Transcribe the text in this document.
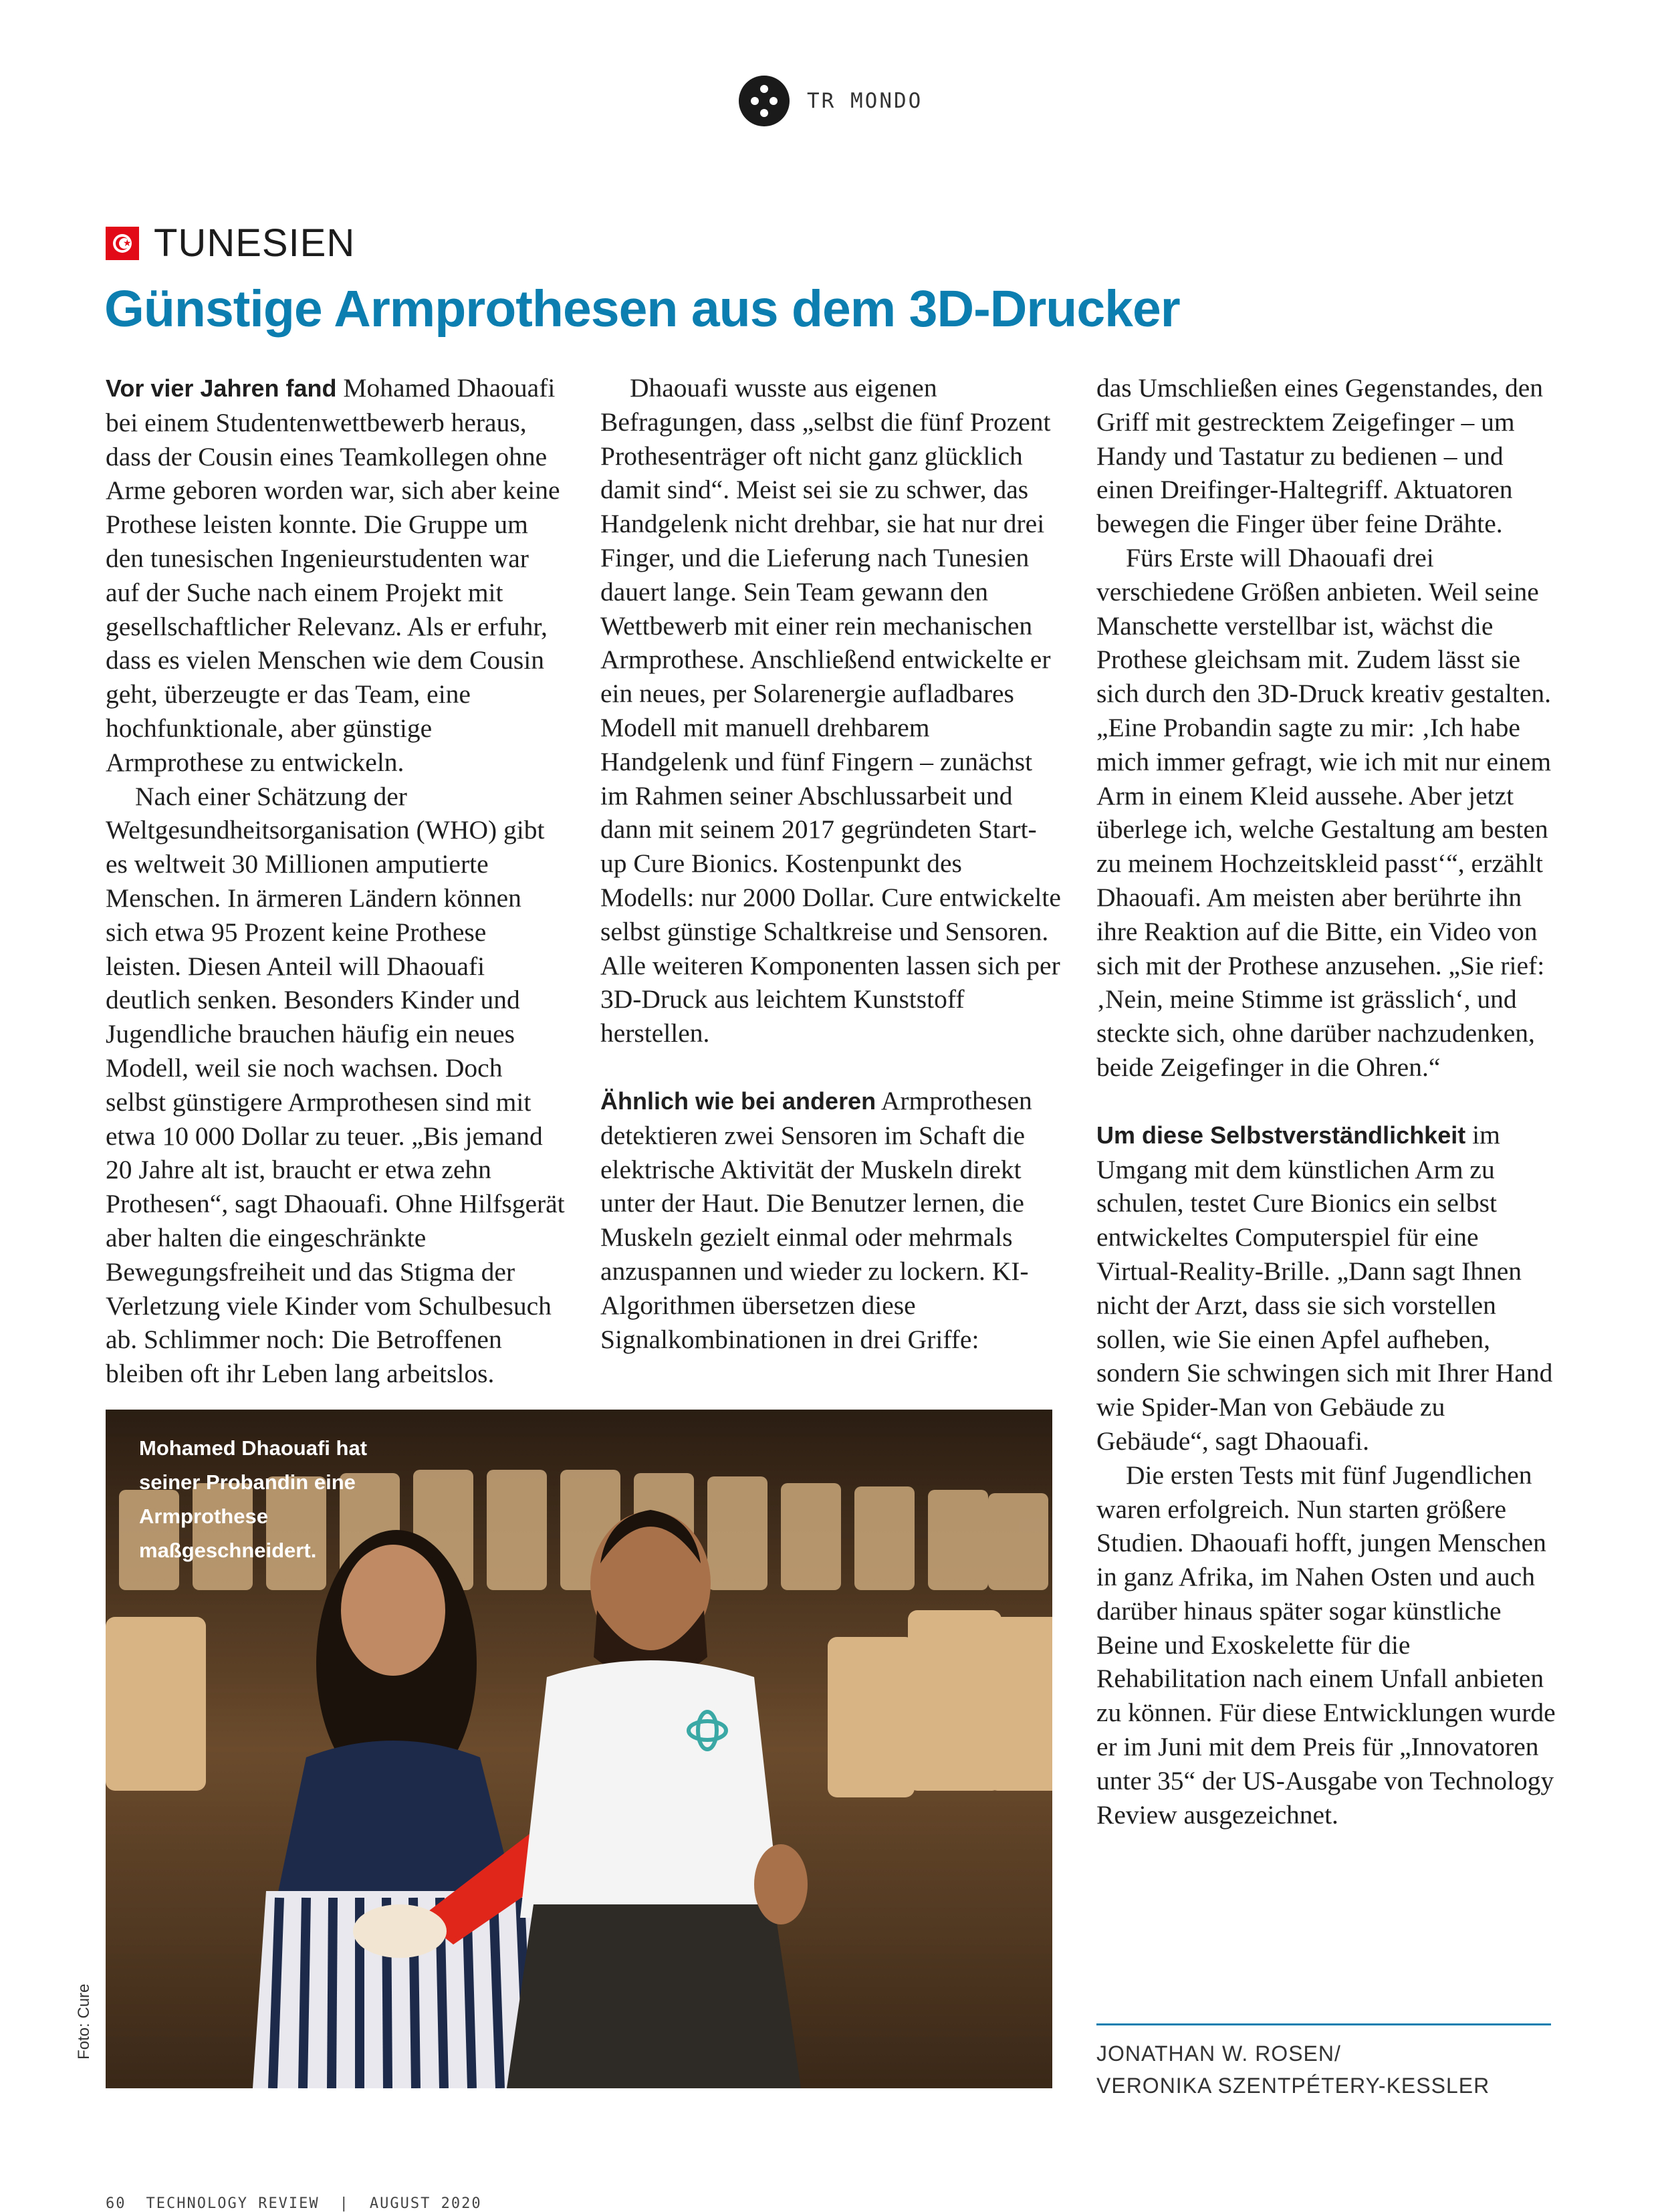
TR MONDO
★ TUNESIEN
Günstige Armprothesen aus dem 3D-Drucker

Vor vier Jahren fand Mohamed Dhaouafi bei einem Studentenwettbewerb heraus, dass der Cousin eines Teamkollegen ohne Arme geboren worden war, sich aber keine Prothese leisten konnte. Die Gruppe um den tunesischen Ingenieurstudenten war auf der Suche nach einem Projekt mit gesellschaftlicher Relevanz. Als er erfuhr, dass es vielen Menschen wie dem Cousin geht, überzeugte er das Team, eine hochfunktionale, aber günstige Armprothese zu entwickeln.

Nach einer Schätzung der Weltgesundheitsorganisation (WHO) gibt es weltweit 30 Millionen amputierte Menschen. In ärmeren Ländern können sich etwa 95 Prozent keine Prothese leisten. Diesen Anteil will Dhaouafi deutlich senken. Besonders Kinder und Jugendliche brauchen häufig ein neues Modell, weil sie noch wachsen. Doch selbst günstigere Armprothesen sind mit etwa 10 000 Dollar zu teuer. „Bis jemand 20 Jahre alt ist, braucht er etwa zehn Prothesen“, sagt Dhaouafi. Ohne Hilfsgerät aber halten die eingeschränkte Bewegungsfreiheit und das Stigma der Verletzung viele Kinder vom Schulbesuch ab. Schlimmer noch: Die Betroffenen bleiben oft ihr Leben lang arbeitslos.

Dhaouafi wusste aus eigenen Befragungen, dass „selbst die fünf Prozent Prothesenträger oft nicht ganz glücklich damit sind“. Meist sei sie zu schwer, das Handgelenk nicht drehbar, sie hat nur drei Finger, und die Lieferung nach Tunesien dauert lange. Sein Team gewann den Wettbewerb mit einer rein mechanischen Armprothese. Anschließend entwickelte er ein neues, per Solarenergie aufladbares Modell mit manuell drehbarem Handgelenk und fünf Fingern – zunächst im Rahmen seiner Abschlussarbeit und dann mit seinem 2017 gegründeten Start-up Cure Bionics. Kostenpunkt des Modells: nur 2000 Dollar. Cure entwickelte selbst günstige Schaltkreise und Sensoren. Alle weiteren Komponenten lassen sich per 3D-Druck aus leichtem Kunststoff herstellen.

Ähnlich wie bei anderen Armprothesen detektieren zwei Sensoren im Schaft die elektrische Aktivität der Muskeln direkt unter der Haut. Die Benutzer lernen, die Muskeln gezielt einmal oder mehrmals anzuspannen und wieder zu lockern. KI-Algorithmen übersetzen diese Signalkombinationen in drei Griffe:

das Umschließen eines Gegenstandes, den Griff mit gestrecktem Zeigefinger – um Handy und Tastatur zu bedienen – und einen Dreifinger-Haltegriff. Aktuatoren bewegen die Finger über feine Drähte.

Fürs Erste will Dhaouafi drei verschiedene Größen anbieten. Weil seine Manschette verstellbar ist, wächst die Prothese gleichsam mit. Zudem lässt sie sich durch den 3D-Druck kreativ gestalten. „Eine Probandin sagte zu mir: ‚Ich habe mich immer gefragt, wie ich mit nur einem Arm in einem Kleid aussehe. Aber jetzt überlege ich, welche Gestaltung am besten zu meinem Hochzeitskleid passt‘“, erzählt Dhaouafi. Am meisten aber berührte ihn ihre Reaktion auf die Bitte, ein Video von sich mit der Prothese anzusehen. „Sie rief: ‚Nein, meine Stimme ist grässlich‘, und steckte sich, ohne darüber nachzudenken, beide Zeigefinger in die Ohren.“

Um diese Selbstverständlichkeit im Umgang mit dem künstlichen Arm zu schulen, testet Cure Bionics ein selbst entwickeltes Computerspiel für eine Virtual-Reality-Brille. „Dann sagt Ihnen nicht der Arzt, dass sie sich vorstellen sollen, wie Sie einen Apfel aufheben, sondern Sie schwingen sich mit Ihrer Hand wie Spider-Man von Gebäude zu Gebäude“, sagt Dhaouafi.

Die ersten Tests mit fünf Jugendlichen waren erfolgreich. Nun starten größere Studien. Dhaouafi hofft, jungen Menschen in ganz Afrika, im Nahen Osten und auch darüber hinaus später sogar künstliche Beine und Exoskelette für die Rehabilitation nach einem Unfall anbieten zu können. Für diese Entwicklungen wurde er im Juni mit dem Preis für „Innovatoren unter 35“ der US-Ausgabe von Technology Review ausgezeichnet.

Mohamed Dhaouafi hat seiner Probandin eine Armprothese maßgeschneidert.
Foto: Cure	JONATHAN W. ROSEN/
VERONIKA SZENTPÉTERY-KESSLER
60 TECHNOLOGY REVIEW | AUGUST 2020
